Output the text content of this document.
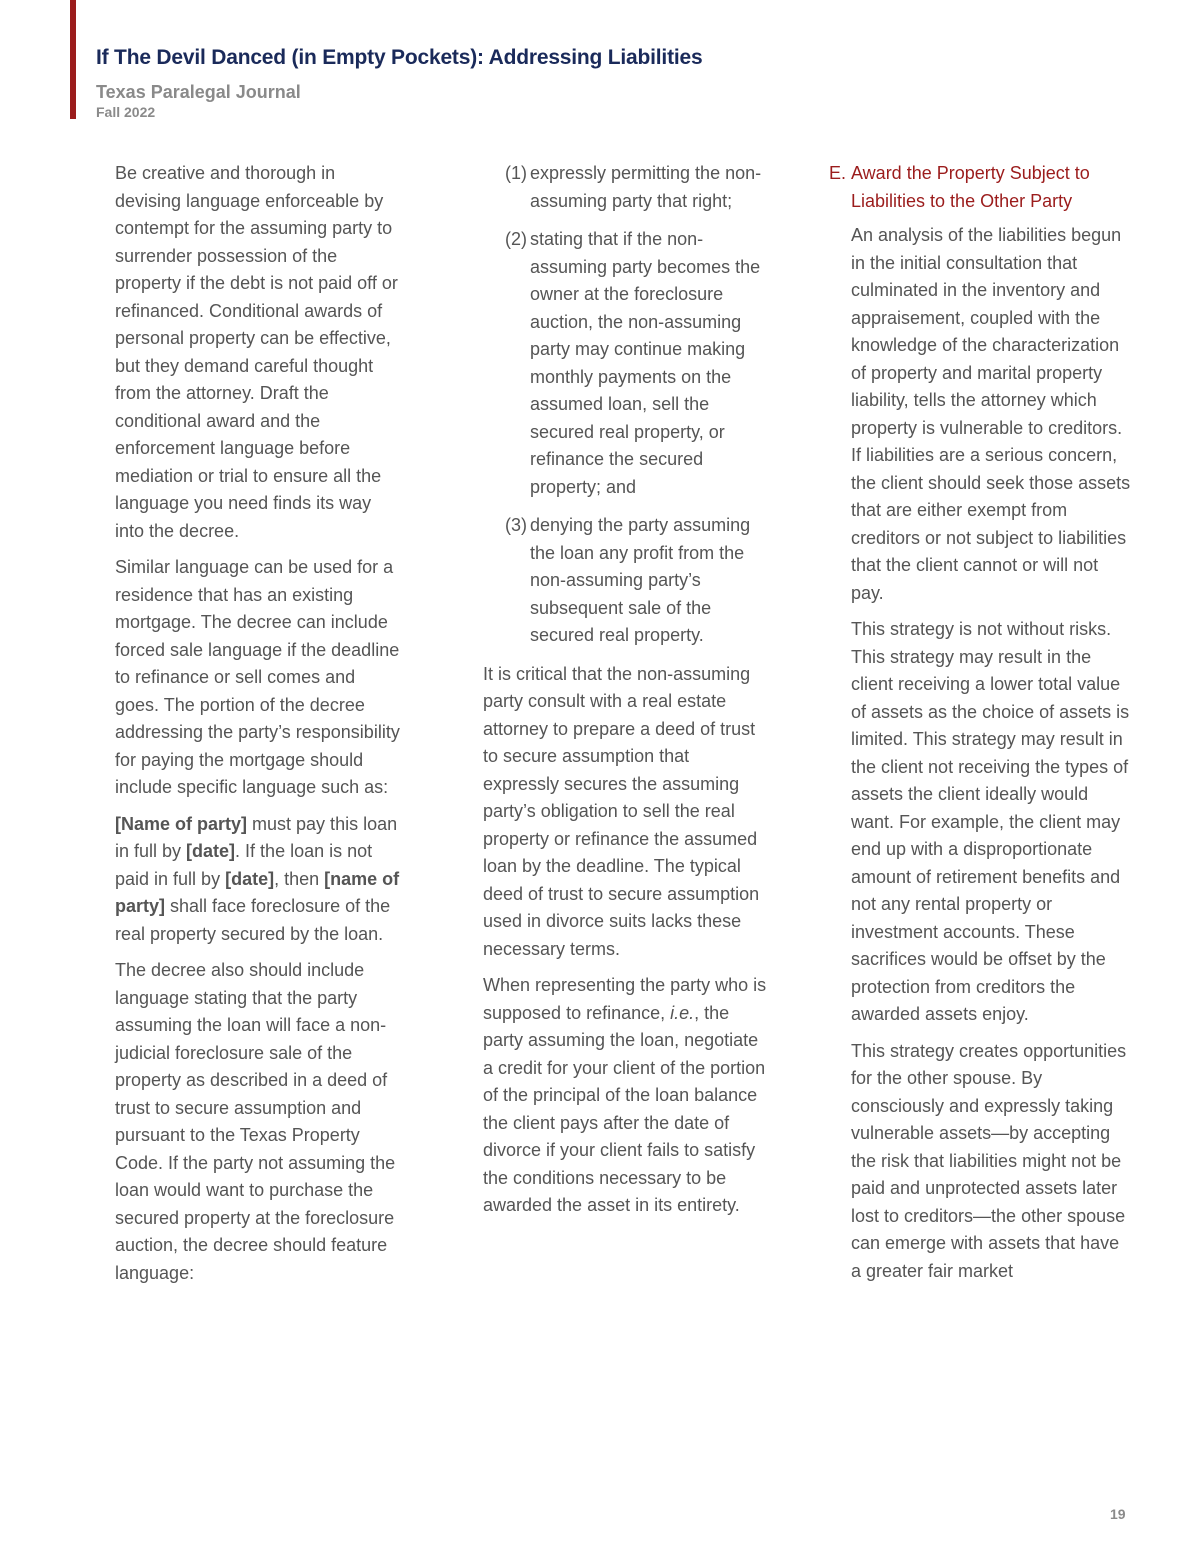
If The Devil Danced (in Empty Pockets): Addressing Liabilities
Texas Paralegal Journal
Fall 2022

Be creative and thorough in devising language enforceable by contempt for the assuming party to surrender possession of the property if the debt is not paid off or refinanced. Conditional awards of personal property can be effective, but they demand careful thought from the attorney. Draft the conditional award and the enforcement language before mediation or trial to ensure all the language you need finds its way into the decree.

Similar language can be used for a residence that has an existing mortgage. The decree can include forced sale language if the deadline to refinance or sell comes and goes. The portion of the decree addressing the party’s responsibility for paying the mortgage should include specific language such as:

[Name of party] must pay this loan in full by [date]. If the loan is not paid in full by [date], then [name of party] shall face foreclosure of the real property secured by the loan.

The decree also should include language stating that the party assuming the loan will face a non-judicial foreclosure sale of the property as described in a deed of trust to secure assumption and pursuant to the Texas Property Code. If the party not assuming the loan would want to purchase the secured property at the foreclosure auction, the decree should feature language:

(1) expressly permitting the non-assuming party that right;
(2) stating that if the non-assuming party becomes the owner at the foreclosure auction, the non-assuming party may continue making monthly payments on the assumed loan, sell the secured real property, or refinance the secured property; and
(3) denying the party assuming the loan any profit from the non-assuming party’s subsequent sale of the secured real property.

It is critical that the non-assuming party consult with a real estate attorney to prepare a deed of trust to secure assumption that expressly secures the assuming party’s obligation to sell the real property or refinance the assumed loan by the deadline. The typical deed of trust to secure assumption used in divorce suits lacks these necessary terms.

When representing the party who is supposed to refinance, i.e., the party assuming the loan, negotiate a credit for your client of the portion of the principal of the loan balance the client pays after the date of divorce if your client fails to satisfy the conditions necessary to be awarded the asset in its entirety.

E. Award the Property Subject to Liabilities to the Other Party

An analysis of the liabilities begun in the initial consultation that culminated in the inventory and appraisement, coupled with the knowledge of the characterization of property and marital property liability, tells the attorney which property is vulnerable to creditors. If liabilities are a serious concern, the client should seek those assets that are either exempt from creditors or not subject to liabilities that the client cannot or will not pay.

This strategy is not without risks. This strategy may result in the client receiving a lower total value of assets as the choice of assets is limited. This strategy may result in the client not receiving the types of assets the client ideally would want. For example, the client may end up with a disproportionate amount of retirement benefits and not any rental property or investment accounts. These sacrifices would be offset by the protection from creditors the awarded assets enjoy.

This strategy creates opportunities for the other spouse. By consciously and expressly taking vulnerable assets—by accepting the risk that liabilities might not be paid and unprotected assets later lost to creditors—the other spouse can emerge with assets that have a greater fair market

19
